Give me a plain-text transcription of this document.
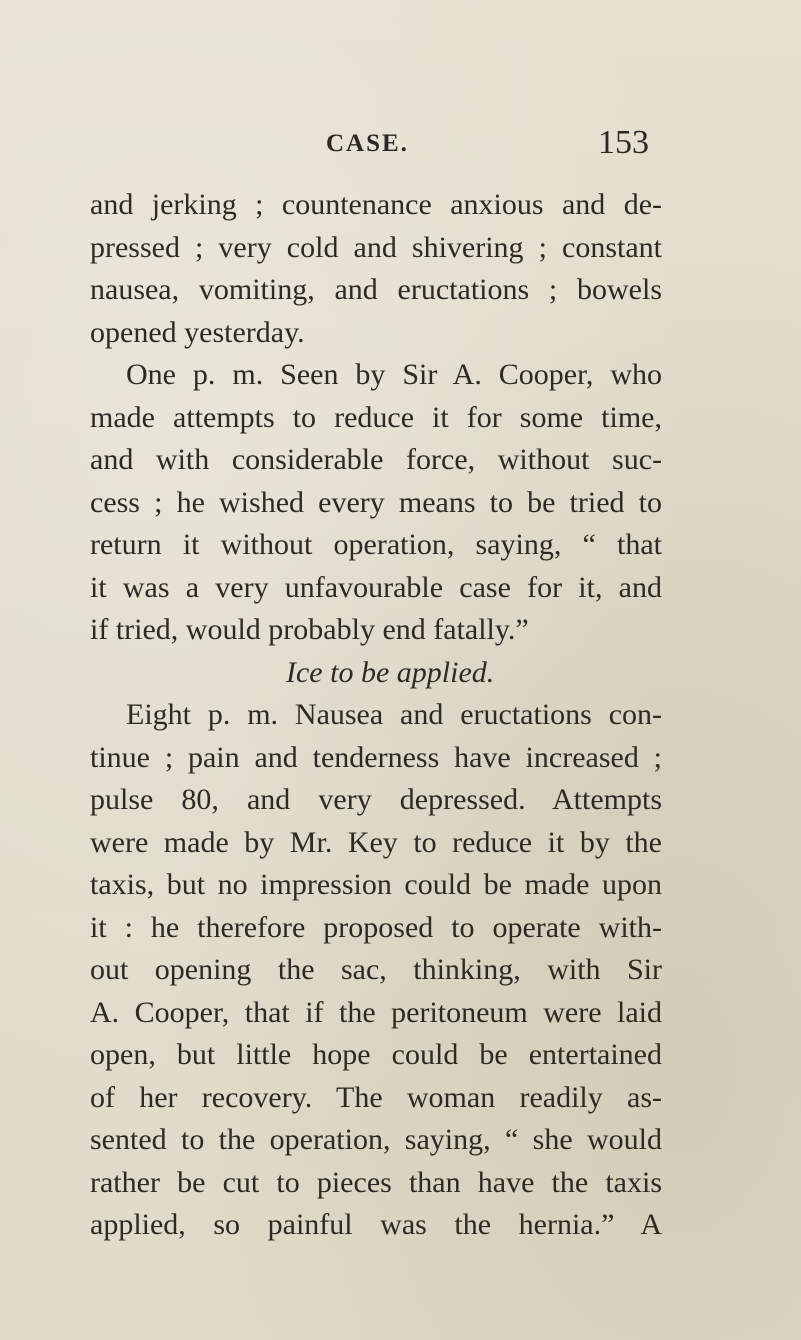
CASE.	153
and jerking ; countenance anxious and de-
pressed ; very cold and shivering ; constant
nausea, vomiting, and eructations ; bowels
opened yesterday.
One p. m. Seen by Sir A. Cooper, who
made attempts to reduce it for some time,
and with considerable force, without suc-
cess ; he wished every means to be tried to
return it without operation, saying, “ that
it was a very unfavourable case for it, and
if tried, would probably end fatally.”
Ice to be applied.
Eight p. m. Nausea and eructations con-
tinue ; pain and tenderness have increased ;
pulse 80, and very depressed. Attempts
were made by Mr. Key to reduce it by the
taxis, but no impression could be made upon
it : he therefore proposed to operate with-
out opening the sac, thinking, with Sir
A. Cooper, that if the peritoneum were laid
open, but little hope could be entertained
of her recovery. The woman readily as-
sented to the operation, saying, “ she would
rather be cut to pieces than have the taxis
applied, so painful was the hernia.” A
